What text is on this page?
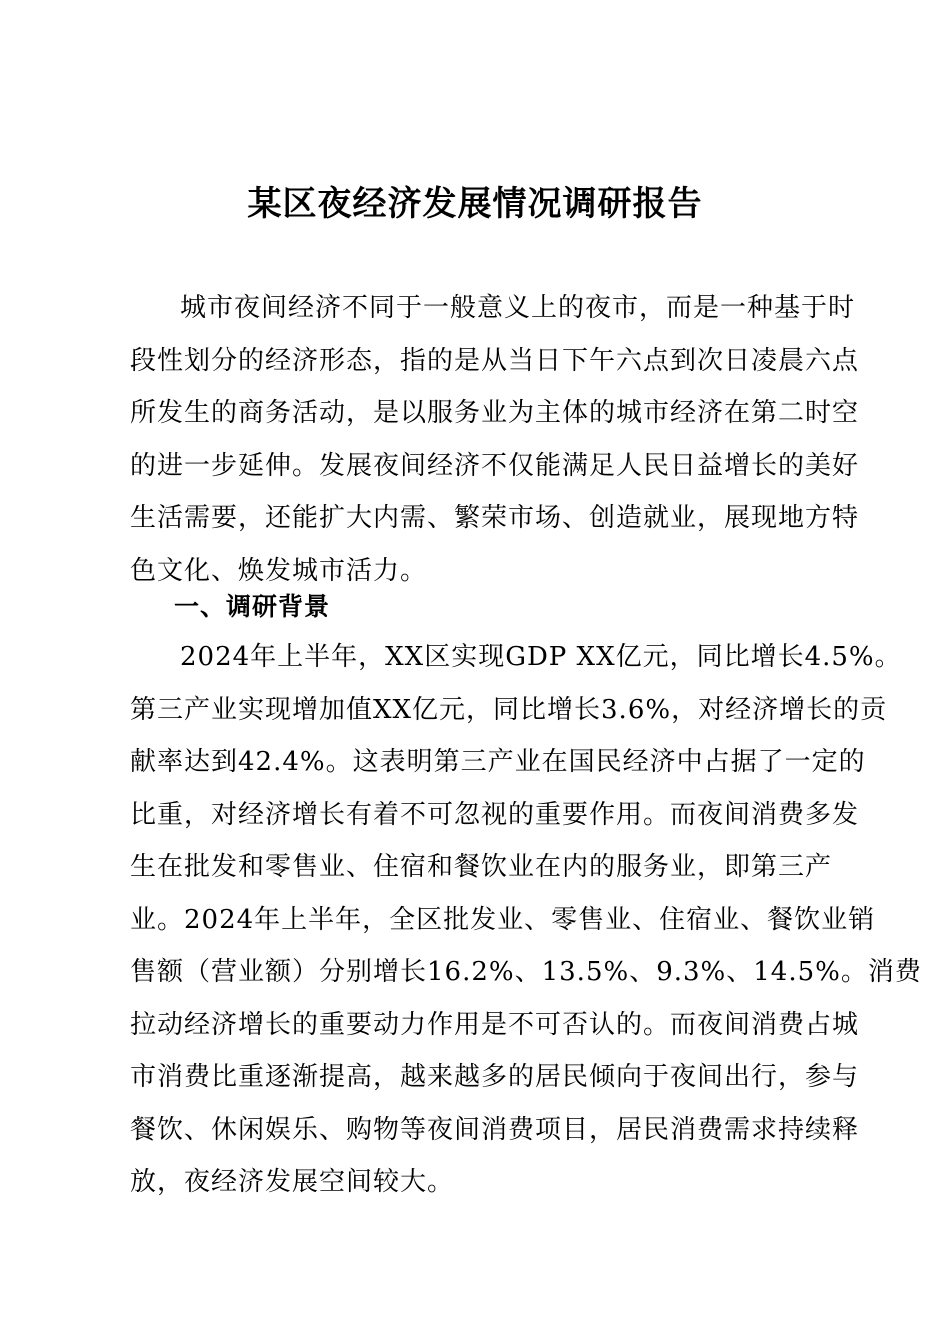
某区夜经济发展情况调研报告
城市夜间经济不同于一般意义上的夜市，而是一种基于时
段性划分的经济形态，指的是从当日下午六点到次日凌晨六点
所发生的商务活动，是以服务业为主体的城市经济在第二时空
的进一步延伸。发展夜间经济不仅能满足人民日益增长的美好
生活需要，还能扩大内需、繁荣市场、创造就业，展现地方特
色文化、焕发城市活力。
一、调研背景
2024年上半年，XX区实现GDP XX亿元，同比增长4.5%。
第三产业实现增加值XX亿元，同比增长3.6%，对经济增长的贡
献率达到42.4%。这表明第三产业在国民经济中占据了一定的
比重，对经济增长有着不可忽视的重要作用。而夜间消费多发
生在批发和零售业、住宿和餐饮业在内的服务业，即第三产
业。2024年上半年，全区批发业、零售业、住宿业、餐饮业销
售额（营业额）分别增长16.2%、13.5%、9.3%、14.5%。消费
拉动经济增长的重要动力作用是不可否认的。而夜间消费占城
市消费比重逐渐提高，越来越多的居民倾向于夜间出行，参与
餐饮、休闲娱乐、购物等夜间消费项目，居民消费需求持续释
放，夜经济发展空间较大。
